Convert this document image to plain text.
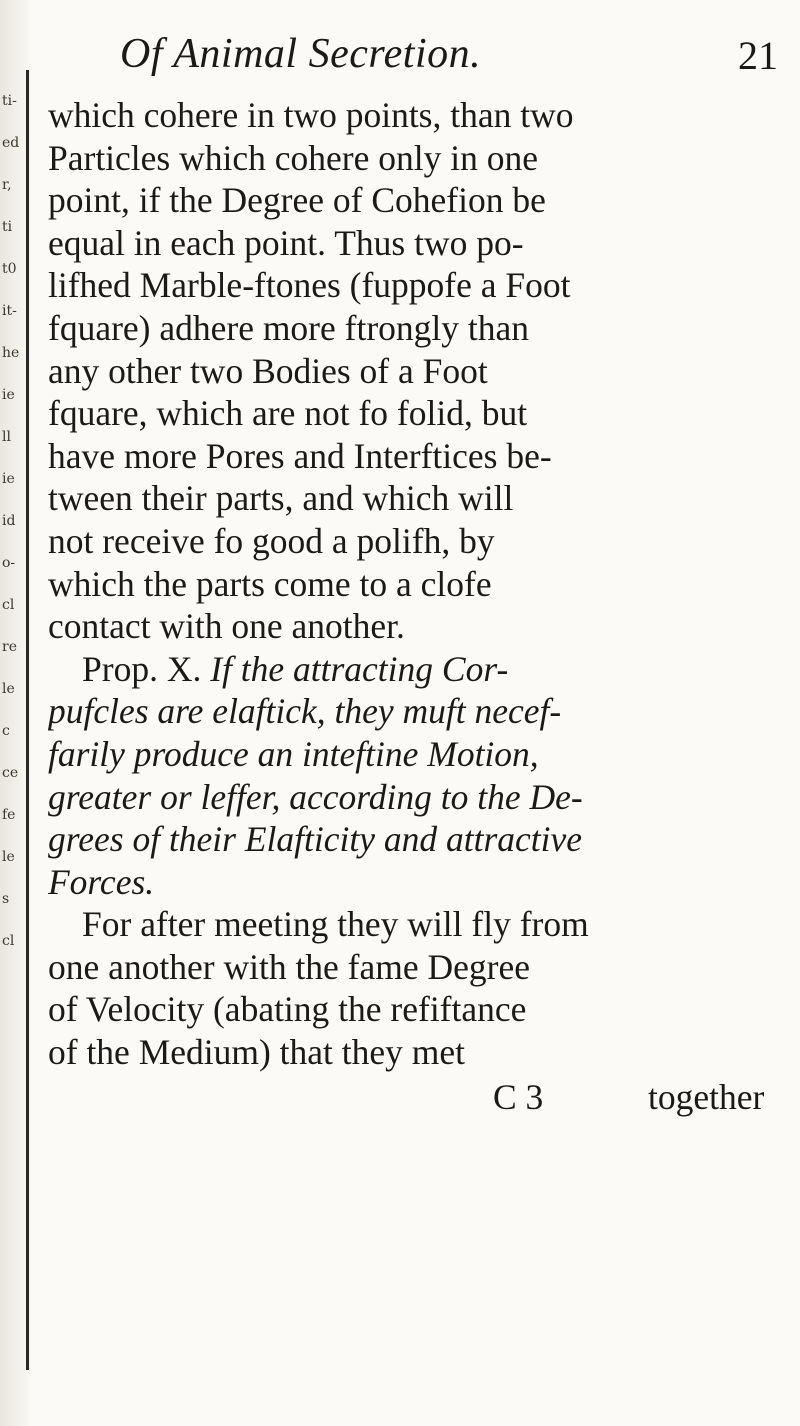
ti-
ed
r,
ti
t0
it-
he
ie
ll
ie
id
o-
cl
re
le
c
ce
fe
le
s
cl
Of Animal Secretion.	21
which cohere in two points, than two
Particles which cohere only in one
point, if the Degree of Cohefion be
equal in each point. Thus two po-
lifhed Marble-ftones (fuppofe a Foot
fquare) adhere more ftrongly than
any other two Bodies of a Foot
fquare, which are not fo folid, but
have more Pores and Interftices be-
tween their parts, and which will
not receive fo good a polifh, by
which the parts come to a clofe
contact with one another.
Prop. X. If the attracting Cor-
pufcles are elaftick, they muft necef-
farily produce an inteftine Motion,
greater or leffer, according to the De-
grees of their Elafticity and attractive
Forces.
For after meeting they will fly from
one another with the fame Degree
of Velocity (abating the refiftance
of the Medium) that they met
C 3	together
